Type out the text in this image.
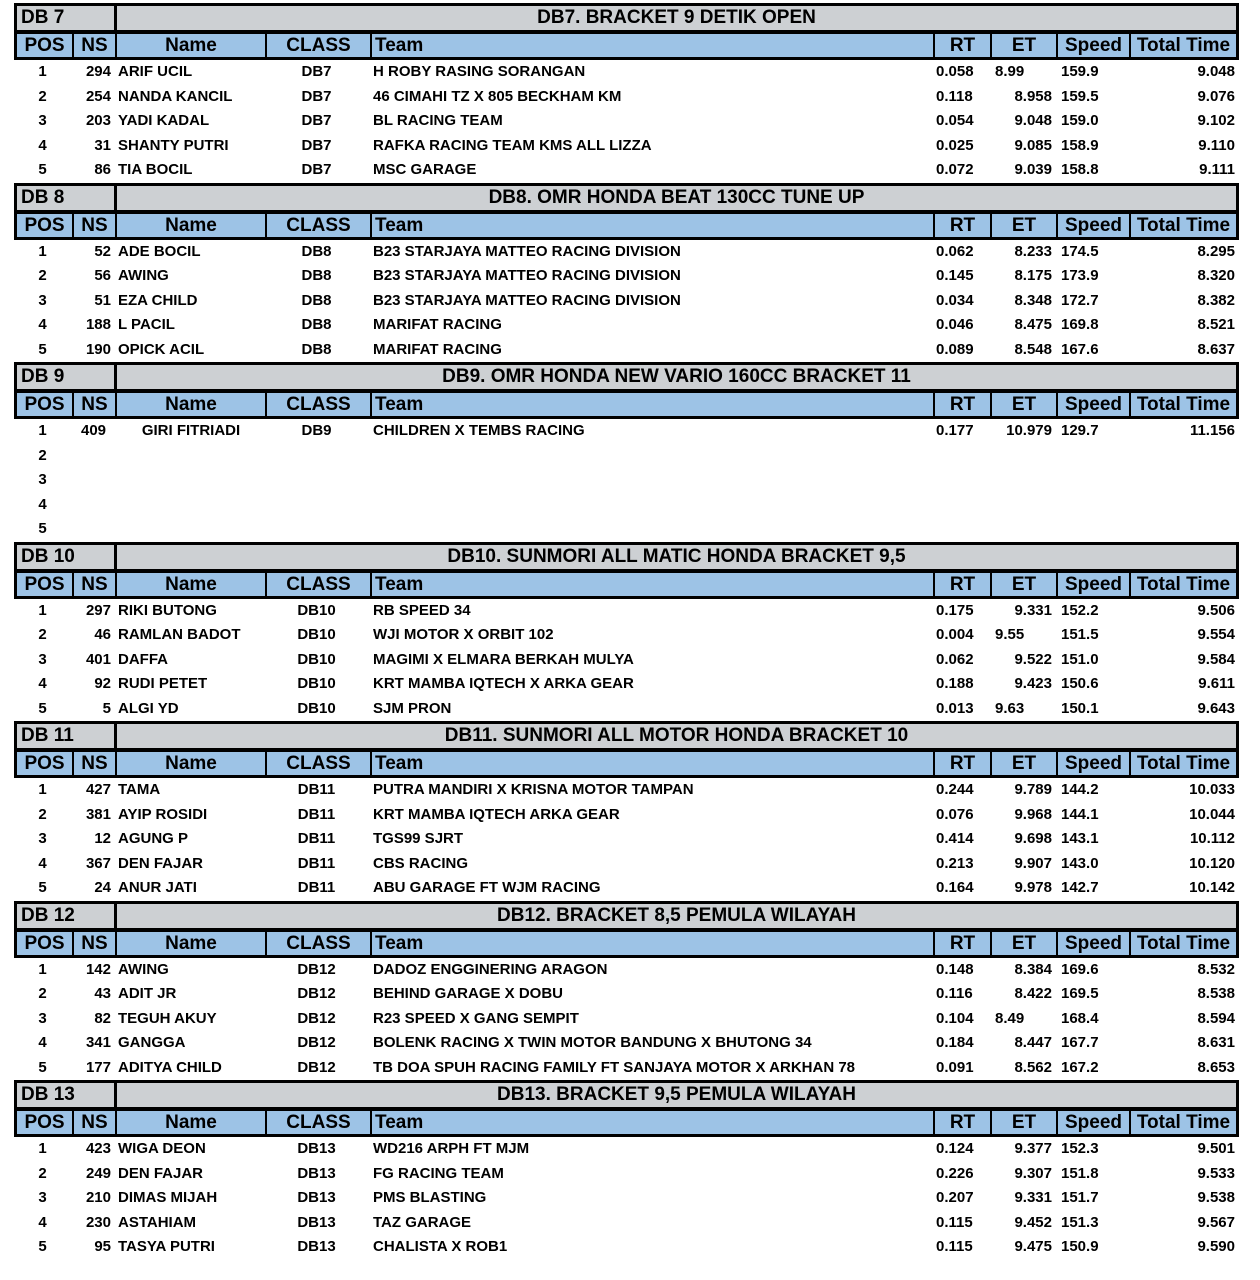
DB 7	DB7. BRACKET 9 DETIK OPEN
POS NS	Name	CLASS	Team	RT	ET	Speed Total Time
1	294 ARIF UCIL	DB7	H ROBY RASING SORANGAN	0.058	8.99	159.9	9.048
2	254 NANDA KANCIL	DB7	46 CIMAHI TZ X 805 BECKHAM KM	0.118	8.958 159.5	9.076
3	203 YADI KADAL	DB7	BL RACING TEAM	0.054	9.048 159.0	9.102
4	31 SHANTY PUTRI	DB7	RAFKA RACING TEAM KMS ALL LIZZA	0.025	9.085 158.9	9.110
5	86 TIA BOCIL	DB7	MSC GARAGE	0.072	9.039 158.8	9.111
DB 8	DB8. OMR HONDA BEAT 130CC TUNE UP
POS NS	Name	CLASS	Team	RT	ET	Speed Total Time
1	52 ADE BOCIL	DB8	B23 STARJAYA MATTEO RACING DIVISION	0.062	8.233 174.5	8.295
2	56 AWING	DB8	B23 STARJAYA MATTEO RACING DIVISION	0.145	8.175 173.9	8.320
3	51 EZA CHILD	DB8	B23 STARJAYA MATTEO RACING DIVISION	0.034	8.348 172.7	8.382
4	188 L PACIL	DB8	MARIFAT RACING	0.046	8.475 169.8	8.521
5	190 OPICK ACIL	DB8	MARIFAT RACING	0.089	8.548 167.6	8.637
DB 9	DB9. OMR HONDA NEW VARIO 160CC BRACKET 11
POS NS	Name	CLASS	Team	RT	ET	Speed Total Time
1	409	GIRI FITRIADI	DB9	CHILDREN X TEMBS RACING	0.177	10.979 129.7	11.156
2
3
4
5
DB 10	DB10. SUNMORI ALL MATIC HONDA BRACKET 9,5
POS NS	Name	CLASS	Team	RT	ET	Speed Total Time
1	297 RIKI BUTONG	DB10	RB SPEED 34	0.175	9.331 152.2	9.506
2	46 RAMLAN BADOT	DB10	WJI MOTOR X ORBIT 102	0.004	9.55	151.5	9.554
3	401 DAFFA	DB10	MAGIMI X ELMARA BERKAH MULYA	0.062	9.522 151.0	9.584
4	92 RUDI PETET	DB10	KRT MAMBA IQTECH X ARKA GEAR	0.188	9.423 150.6	9.611
5	5 ALGI YD	DB10	SJM PRON	0.013	9.63	150.1	9.643
DB 11	DB11. SUNMORI ALL MOTOR HONDA BRACKET 10
POS NS	Name	CLASS	Team	RT	ET	Speed Total Time
1	427 TAMA	DB11	PUTRA MANDIRI X KRISNA MOTOR TAMPAN	0.244	9.789 144.2	10.033
2	381 AYIP ROSIDI	DB11	KRT MAMBA IQTECH ARKA GEAR	0.076	9.968 144.1	10.044
3	12 AGUNG P	DB11	TGS99 SJRT	0.414	9.698 143.1	10.112
4	367 DEN FAJAR	DB11	CBS RACING	0.213	9.907 143.0	10.120
5	24 ANUR JATI	DB11	ABU GARAGE FT WJM RACING	0.164	9.978 142.7	10.142
DB 12	DB12. BRACKET 8,5 PEMULA WILAYAH
POS NS	Name	CLASS	Team	RT	ET	Speed Total Time
1	142 AWING	DB12	DADOZ ENGGINERING ARAGON	0.148	8.384 169.6	8.532
2	43 ADIT JR	DB12	BEHIND GARAGE X DOBU	0.116	8.422 169.5	8.538
3	82 TEGUH AKUY	DB12	R23 SPEED X GANG SEMPIT	0.104	8.49	168.4	8.594
4	341 GANGGA	DB12	BOLENK RACING X TWIN MOTOR BANDUNG X BHUTONG 34	0.184	8.447 167.7	8.631
5	177 ADITYA CHILD	DB12	TB DOA SPUH RACING FAMILY FT SANJAYA MOTOR X ARKHAN 78	0.091	8.562 167.2	8.653
DB 13	DB13. BRACKET 9,5 PEMULA WILAYAH
POS NS	Name	CLASS	Team	RT	ET	Speed Total Time
1	423 WIGA DEON	DB13	WD216 ARPH FT MJM	0.124	9.377 152.3	9.501
2	249 DEN FAJAR	DB13	FG RACING TEAM	0.226	9.307 151.8	9.533
3	210 DIMAS MIJAH	DB13	PMS BLASTING	0.207	9.331 151.7	9.538
4	230 ASTAHIAM	DB13	TAZ GARAGE	0.115	9.452 151.3	9.567
5	95 TASYA PUTRI	DB13	CHALISTA X ROB1	0.115	9.475 150.9	9.590
